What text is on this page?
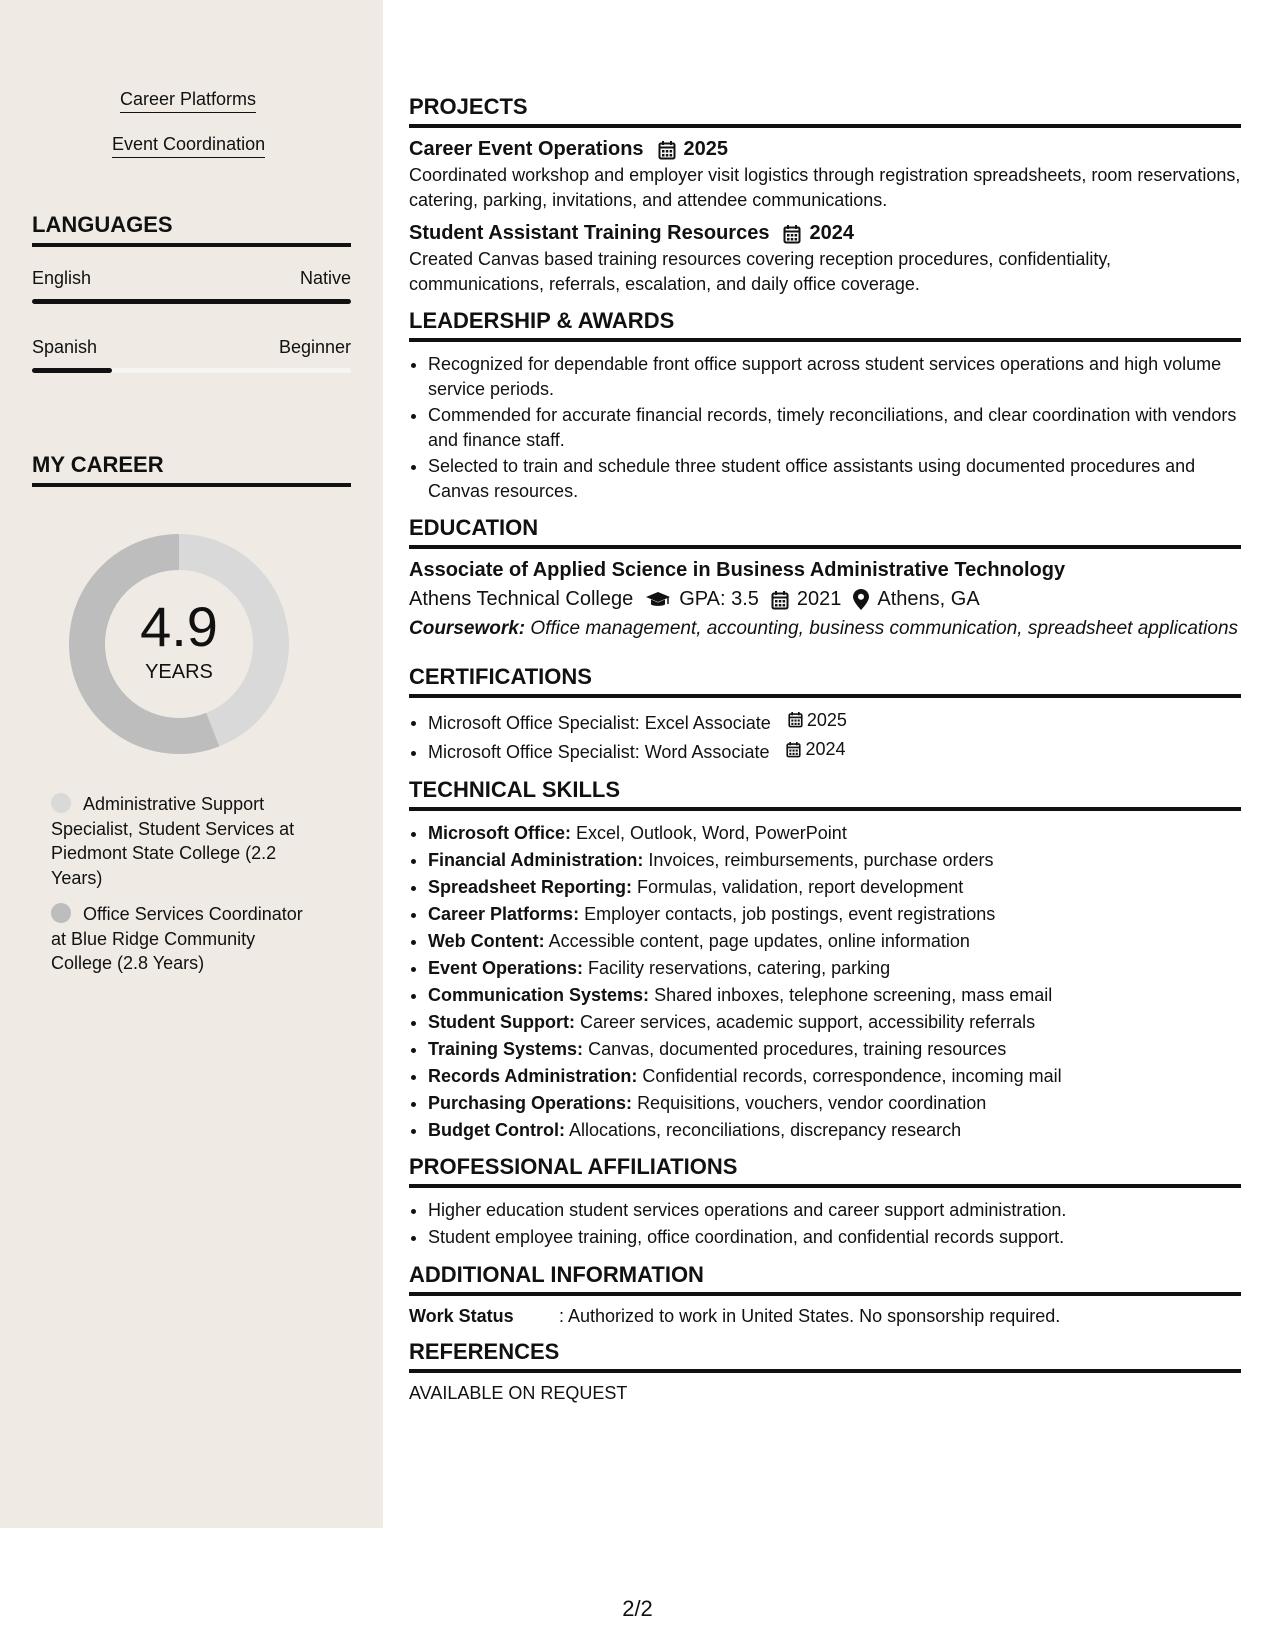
Career Platforms
Event Coordination
LANGUAGES
English	Native
Spanish	Beginner
MY CAREER
4.9
YEARS
Administrative Support Specialist, Student Services at Piedmont State College (2.2 Years)
Office Services Coordinator at Blue Ridge Community College (2.8 Years)
PROJECTS
Career Event Operations 2025
Coordinated workshop and employer visit logistics through registration spreadsheets, room reservations, catering, parking, invitations, and attendee communications.
Student Assistant Training Resources 2024
Created Canvas based training resources covering reception procedures, confidentiality, communications, referrals, escalation, and daily office coverage.
LEADERSHIP & AWARDS
• Recognized for dependable front office support across student services operations and high volume service periods.
• Commended for accurate financial records, timely reconciliations, and clear coordination with vendors and finance staff.
• Selected to train and schedule three student office assistants using documented procedures and Canvas resources.
EDUCATION
Associate of Applied Science in Business Administrative Technology
Athens Technical College GPA: 3.5 2021 Athens, GA
Coursework: Office management, accounting, business communication, spreadsheet applications
CERTIFICATIONS
• Microsoft Office Specialist: Excel Associate 2025
• Microsoft Office Specialist: Word Associate 2024
TECHNICAL SKILLS
• Microsoft Office: Excel, Outlook, Word, PowerPoint
• Financial Administration: Invoices, reimbursements, purchase orders
• Spreadsheet Reporting: Formulas, validation, report development
• Career Platforms: Employer contacts, job postings, event registrations
• Web Content: Accessible content, page updates, online information
• Event Operations: Facility reservations, catering, parking
• Communication Systems: Shared inboxes, telephone screening, mass email
• Student Support: Career services, academic support, accessibility referrals
• Training Systems: Canvas, documented procedures, training resources
• Records Administration: Confidential records, correspondence, incoming mail
• Purchasing Operations: Requisitions, vouchers, vendor coordination
• Budget Control: Allocations, reconciliations, discrepancy research
PROFESSIONAL AFFILIATIONS
• Higher education student services operations and career support administration.
• Student employee training, office coordination, and confidential records support.
ADDITIONAL INFORMATION
Work Status	: Authorized to work in United States. No sponsorship required.
REFERENCES
AVAILABLE ON REQUEST
2/2
